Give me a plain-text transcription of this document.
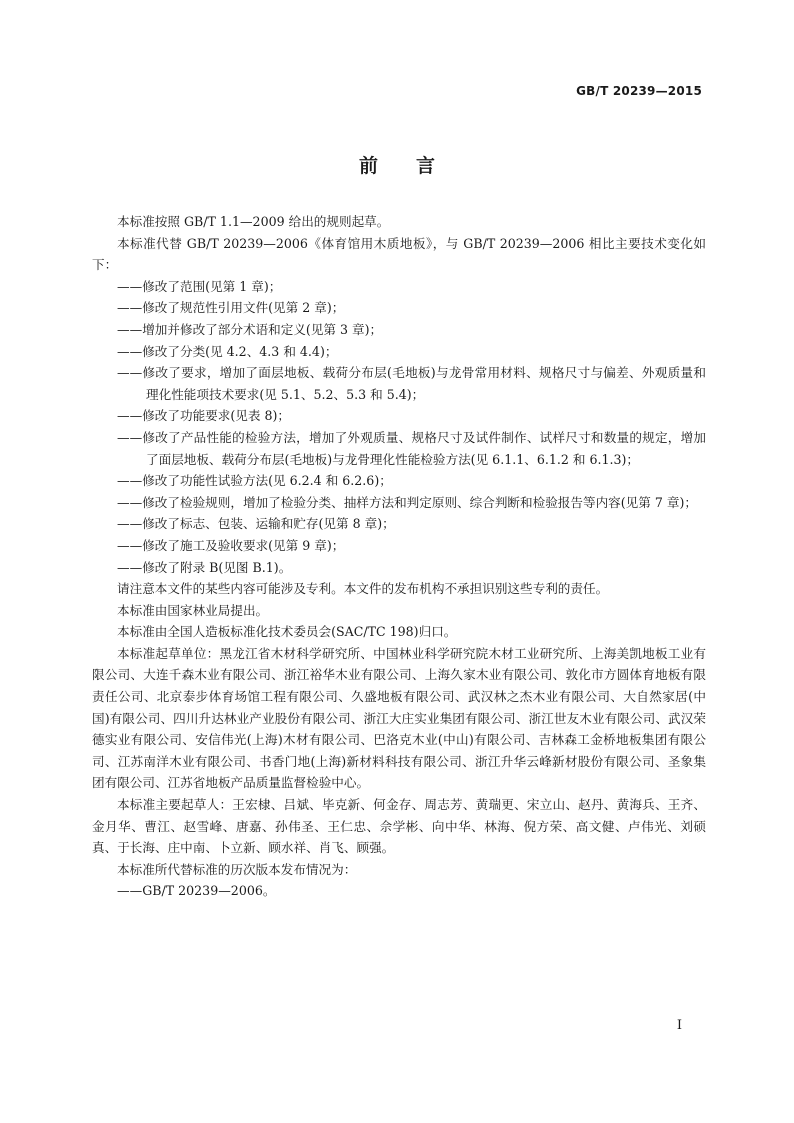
GB/T 20239—2015
前言

本标准按照 GB/T 1.1—2009 给出的规则起草。

本标准代替 GB/T 20239—2006《体育馆用木质地板》，与 GB/T 20239—2006 相比主要技术变化如下：

——修改了范围(见第 1 章)；

——修改了规范性引用文件(见第 2 章)；

——增加并修改了部分术语和定义(见第 3 章)；

——修改了分类(见 4.2、4.3 和 4.4)；

——修改了要求，增加了面层地板、载荷分布层(毛地板)与龙骨常用材料、规格尺寸与偏差、外观质量和理化性能项技术要求(见 5.1、5.2、5.3 和 5.4)；

——修改了功能要求(见表 8)；

——修改了产品性能的检验方法，增加了外观质量、规格尺寸及试件制作、试样尺寸和数量的规定，增加了面层地板、载荷分布层(毛地板)与龙骨理化性能检验方法(见 6.1.1、6.1.2 和 6.1.3)；

——修改了功能性试验方法(见 6.2.4 和 6.2.6)；

——修改了检验规则，增加了检验分类、抽样方法和判定原则、综合判断和检验报告等内容(见第 7 章)；

——修改了标志、包装、运输和贮存(见第 8 章)；

——修改了施工及验收要求(见第 9 章)；

——修改了附录 B(见图 B.1)。

请注意本文件的某些内容可能涉及专利。本文件的发布机构不承担识别这些专利的责任。

本标准由国家林业局提出。

本标准由全国人造板标准化技术委员会(SAC/TC 198)归口。

本标准起草单位：黑龙江省木材科学研究所、中国林业科学研究院木材工业研究所、上海美凯地板工业有限公司、大连千森木业有限公司、浙江裕华木业有限公司、上海久家木业有限公司、敦化市方圆体育地板有限责任公司、北京泰步体育场馆工程有限公司、久盛地板有限公司、武汉林之杰木业有限公司、大自然家居(中国)有限公司、四川升达林业产业股份有限公司、浙江大庄实业集团有限公司、浙江世友木业有限公司、武汉荣德实业有限公司、安信伟光(上海)木材有限公司、巴洛克木业(中山)有限公司、吉林森工金桥地板集团有限公司、江苏南洋木业有限公司、书香门地(上海)新材料科技有限公司、浙江升华云峰新材股份有限公司、圣象集团有限公司、江苏省地板产品质量监督检验中心。

本标准主要起草人：王宏棣、吕斌、毕克新、何金存、周志芳、黄瑞更、宋立山、赵丹、黄海兵、王齐、金月华、曹江、赵雪峰、唐嘉、孙伟圣、王仁忠、佘学彬、向中华、林海、倪方荣、高文健、卢伟光、刘硕真、于长海、庄中南、卜立新、顾水祥、肖飞、顾强。

本标准所代替标准的历次版本发布情况为：

——GB/T 20239—2006。

I
